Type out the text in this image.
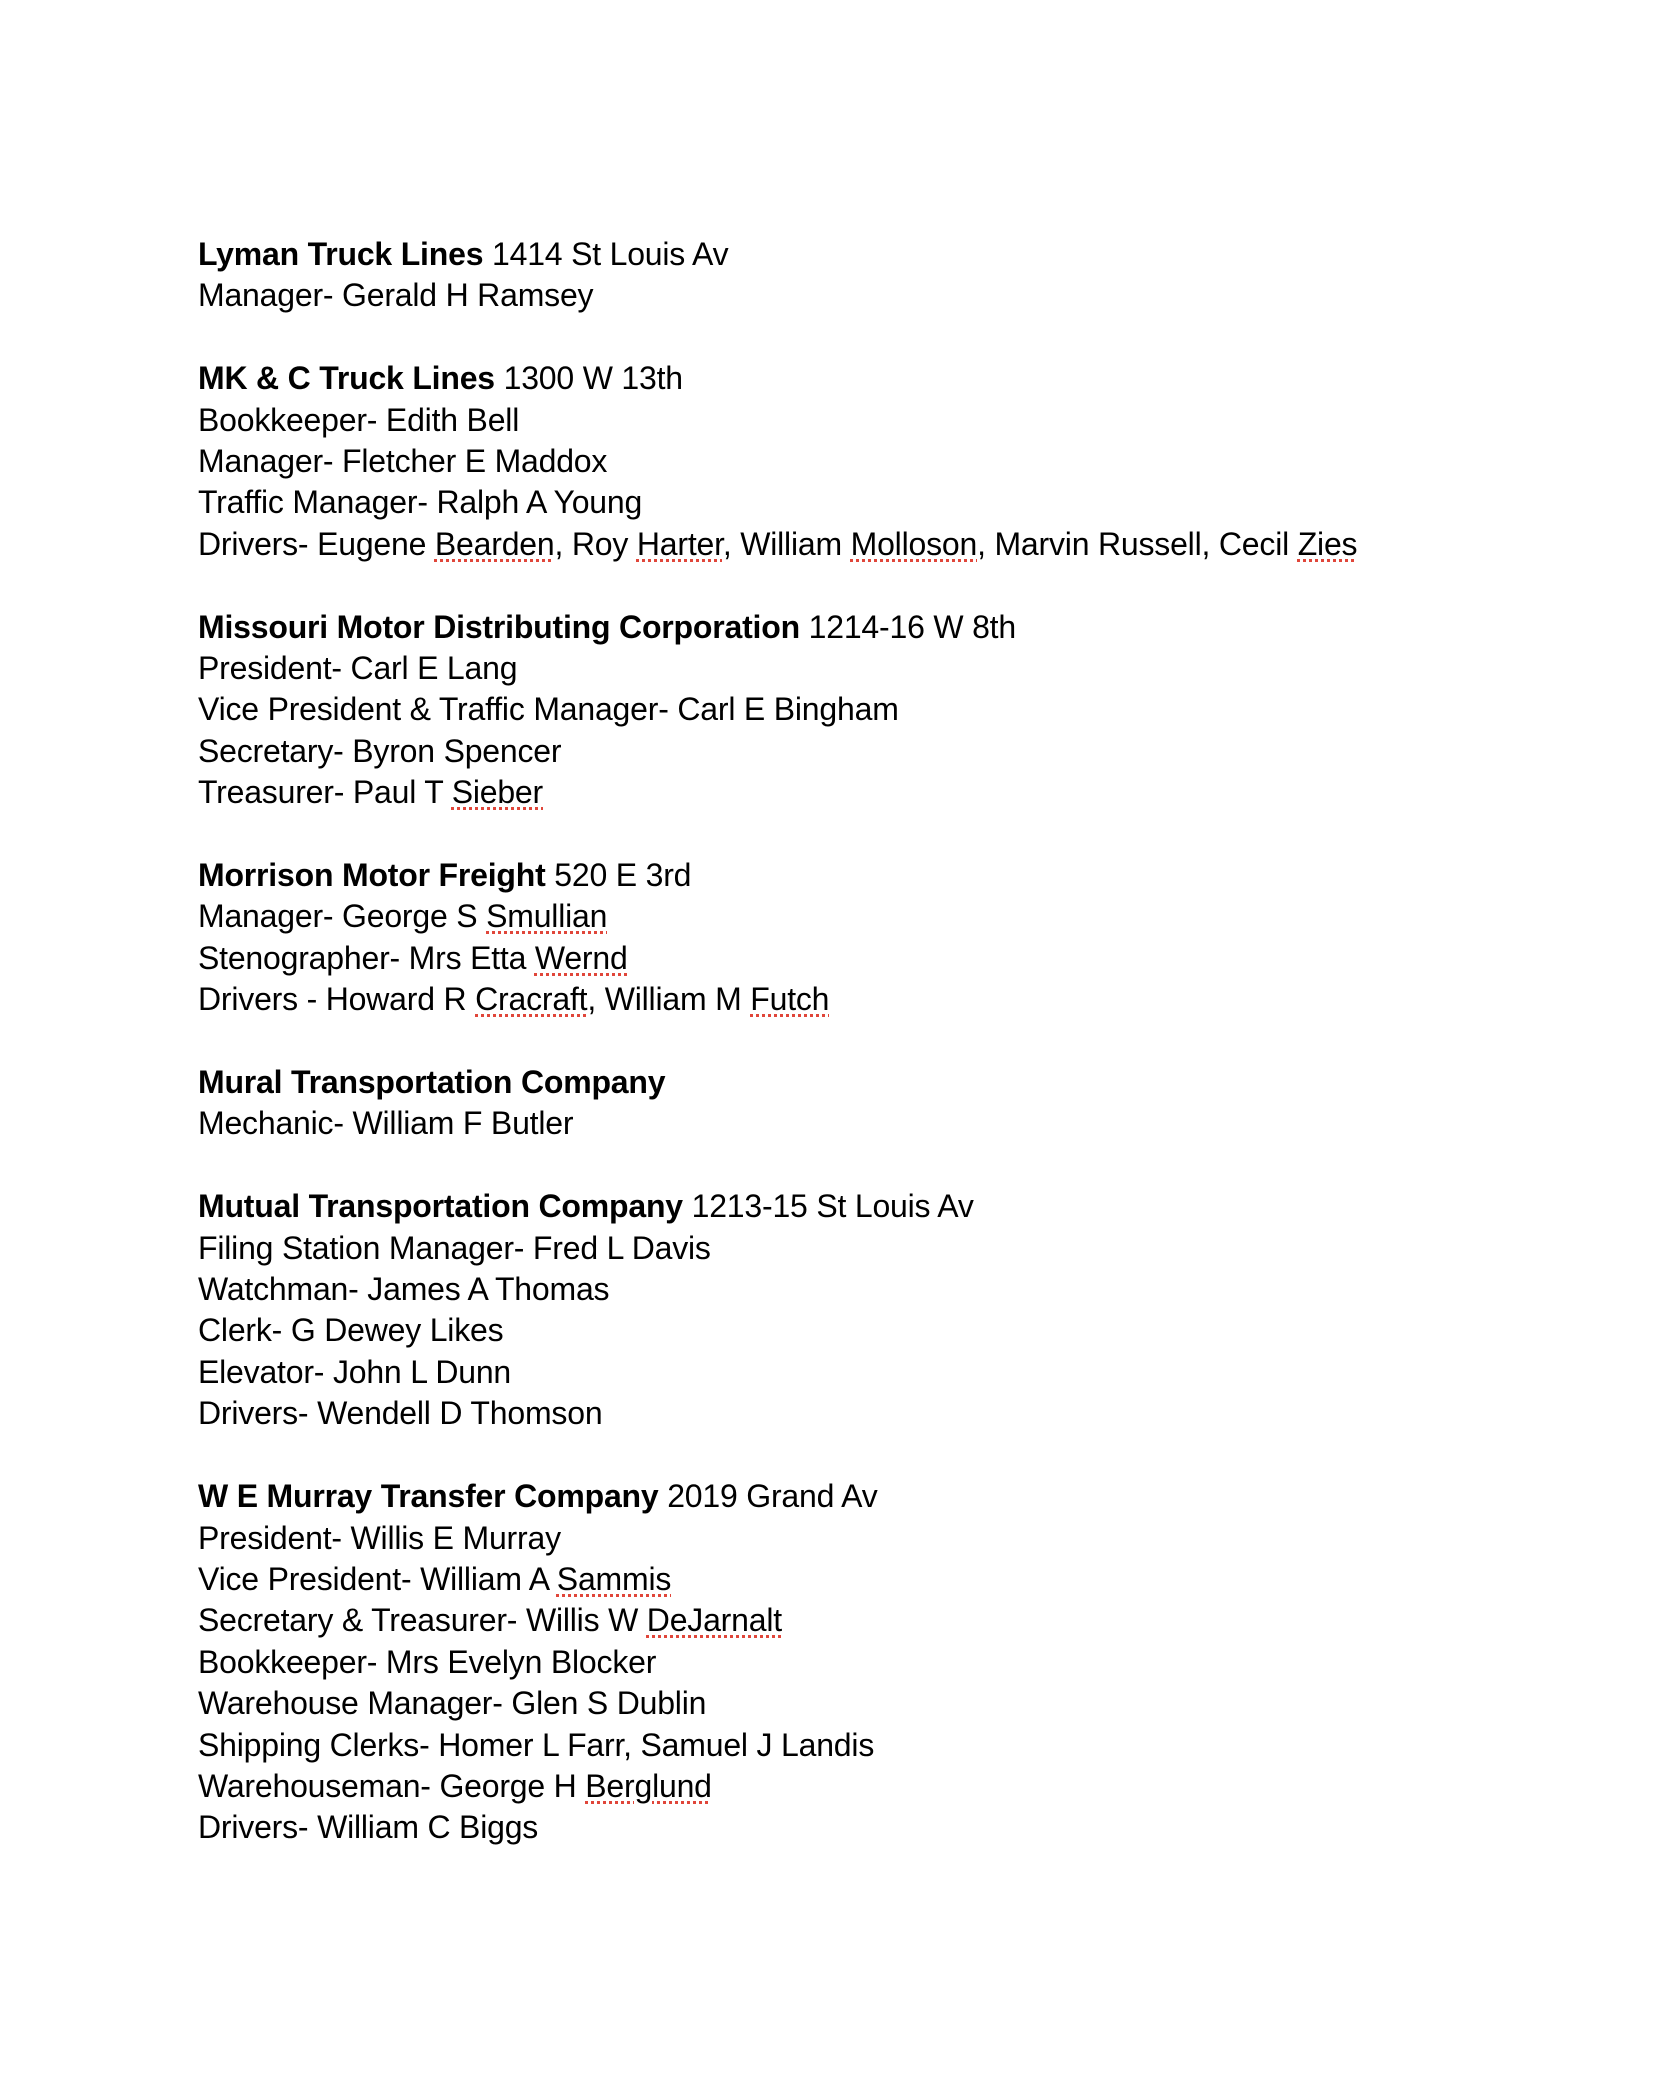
Lyman Truck Lines 1414 St Louis Av
Manager- Gerald H Ramsey
MK & C Truck Lines 1300 W 13th
Bookkeeper- Edith Bell
Manager- Fletcher E Maddox
Traffic Manager- Ralph A Young
Drivers- Eugene Bearden, Roy Harter, William Molloson, Marvin Russell, Cecil Zies
Missouri Motor Distributing Corporation 1214-16 W 8th
President- Carl E Lang
Vice President & Traffic Manager- Carl E Bingham
Secretary- Byron Spencer
Treasurer- Paul T Sieber
Morrison Motor Freight 520 E 3rd
Manager- George S Smullian
Stenographer- Mrs Etta Wernd
Drivers - Howard R Cracraft, William M Futch
Mural Transportation Company
Mechanic- William F Butler
Mutual Transportation Company 1213-15 St Louis Av
Filing Station Manager- Fred L Davis
Watchman- James A Thomas
Clerk- G Dewey Likes
Elevator- John L Dunn
Drivers- Wendell D Thomson
W E Murray Transfer Company 2019 Grand Av
President- Willis E Murray
Vice President- William A Sammis
Secretary & Treasurer- Willis W DeJarnalt
Bookkeeper- Mrs Evelyn Blocker
Warehouse Manager- Glen S Dublin
Shipping Clerks- Homer L Farr, Samuel J Landis
Warehouseman- George H Berglund
Drivers- William C Biggs
